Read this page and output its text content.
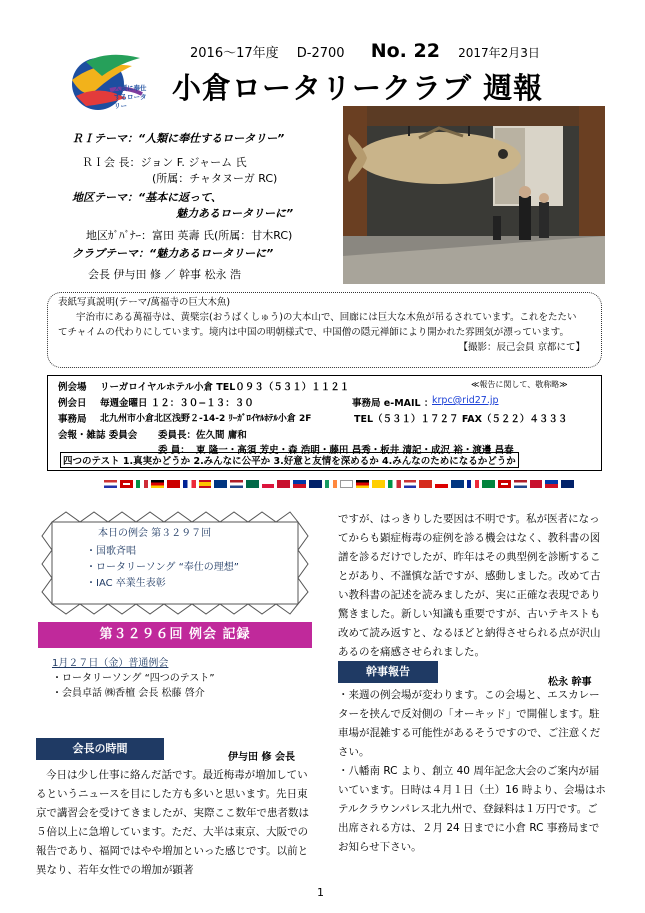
人類に奉仕するロータリー
2016～17年度 D-2700 No. 22 2017年2月3日
小倉ロータリークラブ 週報
ＲＩテーマ：“人類に奉仕するロータリー”
ＲＩ会 長：ジョン F. ジャーム 氏
(所属：チャタヌーガ RC)
地区テーマ：“基本に返って、
魅力あるロータリーに”
地区ｶﾞﾊﾞﾅｰ：富田 英壽 氏(所属：甘木RC)
クラブテーマ：“魅力あるロータリーに”
会長 伊与田 修 ／ 幹事 松永 浩
表紙写真説明(テーマ/萬福寺の巨大木魚)
宇治市にある萬福寺は、黄檗宗(おうばくしゅう)の大本山で、回廊には巨大な木魚が吊るされています。これをたたい
てチャイムの代わりにしています。境内は中国の明朝様式で、中国僧の隠元禅師により開かれた雰囲気が漂っています。
【撮影：辰己会員 京都にて】
例会場 リーガロイヤルホテル小倉 TEL０９３（５３１）１１２１	≪報告に関して、敬称略≫
例会日 毎週金曜日 １２：３０−１３：３０	事務局 e-MAIL ：
krpc@rid27.jp
事務局 北九州市小倉北区浅野２-14-2 ﾘｰｶﾞﾛｲﾔﾙﾎﾃﾙ小倉 2F	TEL（５３１）１７２７ FAX（５２２）４３３３
会報・雑誌 委員会 委員長：佐久間 庸和
委 員： 東 隆一・高須 芳史・森 浩明・藤田 昌秀・板井 清記・成沢 裕・渡邊 昌春
四つのテスト 1.真実かどうか 2.みんなに公平か 3.好意と友情を深めるか 4.みんなのためになるかどうか
本日の例会 第３２９７回
・国歌斉唱
・ロータリーソング “奉仕の理想”
・IAC 卒業生表彰
第３２９６回 例会 記録
1月２７日（金）普通例会
・ロータリーソング “四つのテスト”
・会員卓話 ㈱香檀 会長 松藤 啓介
会長の時間
伊与田 修 会長
今日は少し仕事に絡んだ話です。最近梅毒が増加しているというニュースを目にした方も多いと思います。先日東京で講習会を受けてきましたが、実際ここ数年で患者数は５倍以上に急増しています。ただ、大半は東京、大阪での報告であり、福岡ではやや増加といった感じです。以前と異なり、若年女性での増加が顕著
ですが、はっきりした要因は不明です。私が医者になってからも顕症梅毒の症例を診る機会はなく、教科書の図譜を診るだけでしたが、昨年はその典型例を診断することがあり、不謹慎な話ですが、感動しました。改めて古い教科書の記述を読みましたが、実に正確な表現であり驚きました。新しい知識も重要ですが、古いテキストも改めて読み返すと、なるほどと納得させられる点が沢山あるのを痛感させられました。
幹事報告
松永 幹事
・来週の例会場が変わります。この会場と、エスカレーターを挟んで反対側の「オーキッド」で開催します。駐車場が混雑する可能性があるそうですので、ご注意ください。
・八幡南 RC より、創立 40 周年記念大会のご案内が届いています。日時は４月１日（土）16 時より、会場はホテルクラウンパレス北九州で、登録料は１万円です。ご出席される方は、２月 24 日までに小倉 RC 事務局までお知らせ下さい。
1
